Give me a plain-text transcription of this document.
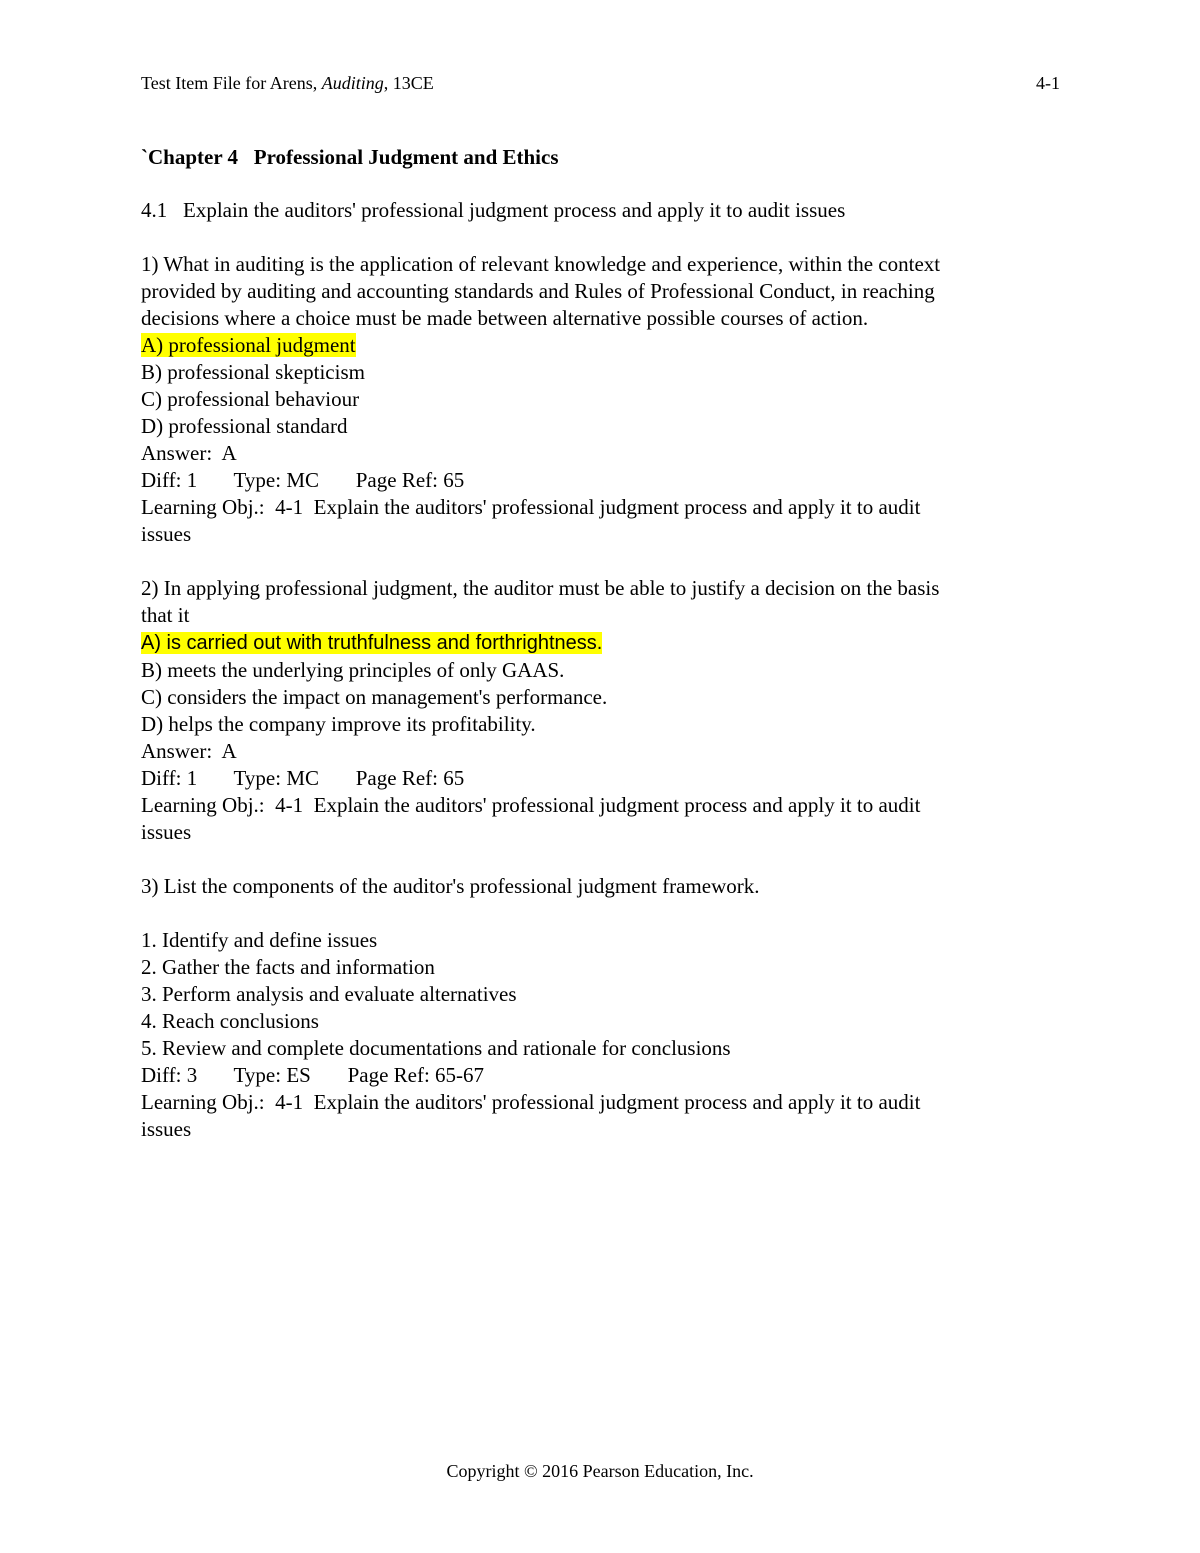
Test Item File for Arens, Auditing, 13CE	4-1
`Chapter 4   Professional Judgment and Ethics
4.1   Explain the auditors' professional judgment process and apply it to audit issues
1) What in auditing is the application of relevant knowledge and experience, within the context
provided by auditing and accounting standards and Rules of Professional Conduct, in reaching
decisions where a choice must be made between alternative possible courses of action.
A) professional judgment
B) professional skepticism
C) professional behaviour
D) professional standard
Answer:  A
Diff: 1       Type: MC       Page Ref: 65
Learning Obj.:  4-1  Explain the auditors' professional judgment process and apply it to audit
issues
2) In applying professional judgment, the auditor must be able to justify a decision on the basis
that it
A) is carried out with truthfulness and forthrightness.
B) meets the underlying principles of only GAAS.
C) considers the impact on management's performance.
D) helps the company improve its profitability.
Answer:  A
Diff: 1       Type: MC       Page Ref: 65
Learning Obj.:  4-1  Explain the auditors' professional judgment process and apply it to audit
issues
3) List the components of the auditor's professional judgment framework.
1. Identify and define issues
2. Gather the facts and information
3. Perform analysis and evaluate alternatives
4. Reach conclusions
5. Review and complete documentations and rationale for conclusions
Diff: 3       Type: ES       Page Ref: 65-67
Learning Obj.:  4-1  Explain the auditors' professional judgment process and apply it to audit
issues
Copyright © 2016 Pearson Education, Inc.
